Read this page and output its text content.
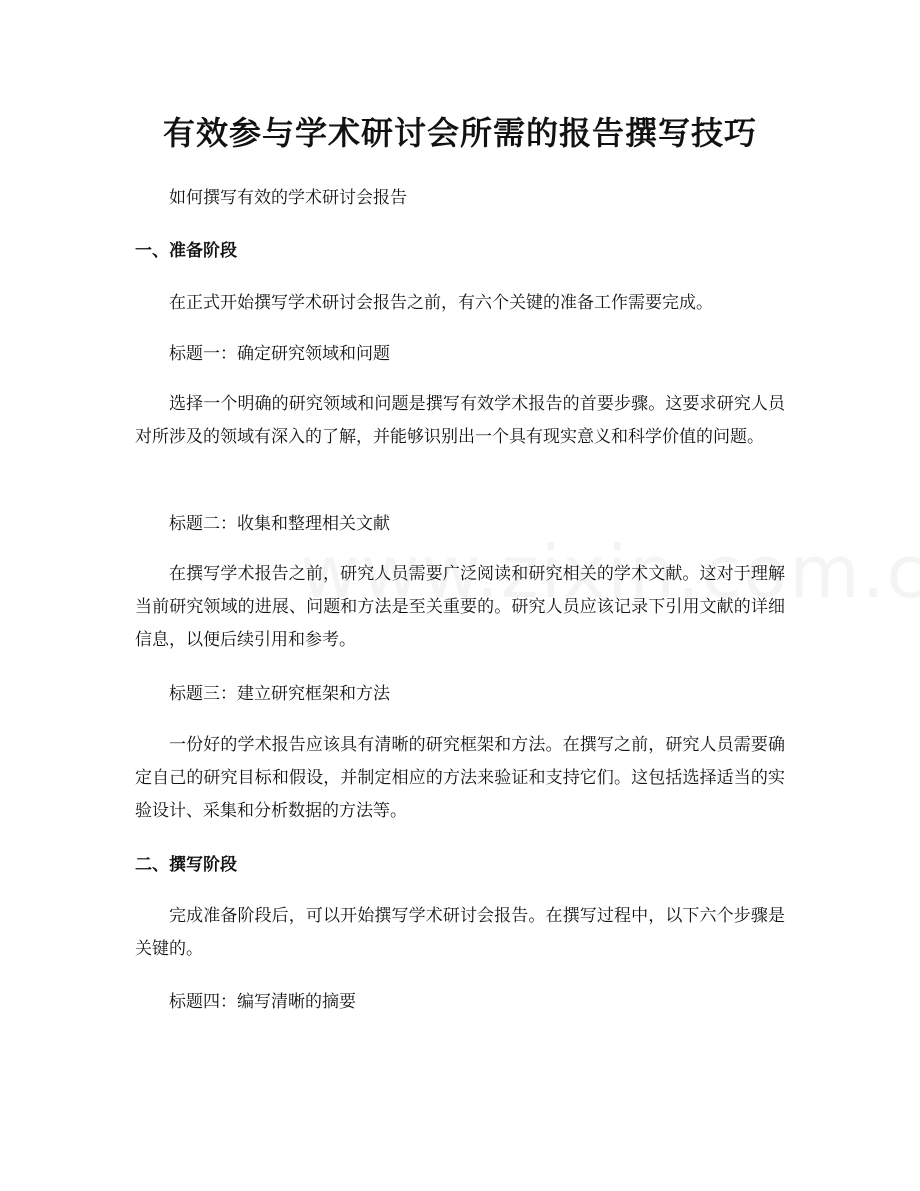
有效参与学术研讨会所需的报告撰写技巧

如何撰写有效的学术研讨会报告

一、准备阶段

在正式开始撰写学术研讨会报告之前，有六个关键的准备工作需要完成。

标题一：确定研究领域和问题

选择一个明确的研究领域和问题是撰写有效学术报告的首要步骤。这要求研究人员对所涉及的领域有深入的了解，并能够识别出一个具有现实意义和科学价值的问题。

标题二：收集和整理相关文献

在撰写学术报告之前，研究人员需要广泛阅读和研究相关的学术文献。这对于理解当前研究领域的进展、问题和方法是至关重要的。研究人员应该记录下引用文献的详细信息，以便后续引用和参考。

标题三：建立研究框架和方法

一份好的学术报告应该具有清晰的研究框架和方法。在撰写之前，研究人员需要确定自己的研究目标和假设，并制定相应的方法来验证和支持它们。这包括选择适当的实验设计、采集和分析数据的方法等。

二、撰写阶段

完成准备阶段后，可以开始撰写学术研讨会报告。在撰写过程中，以下六个步骤是关键的。

标题四：编写清晰的摘要
